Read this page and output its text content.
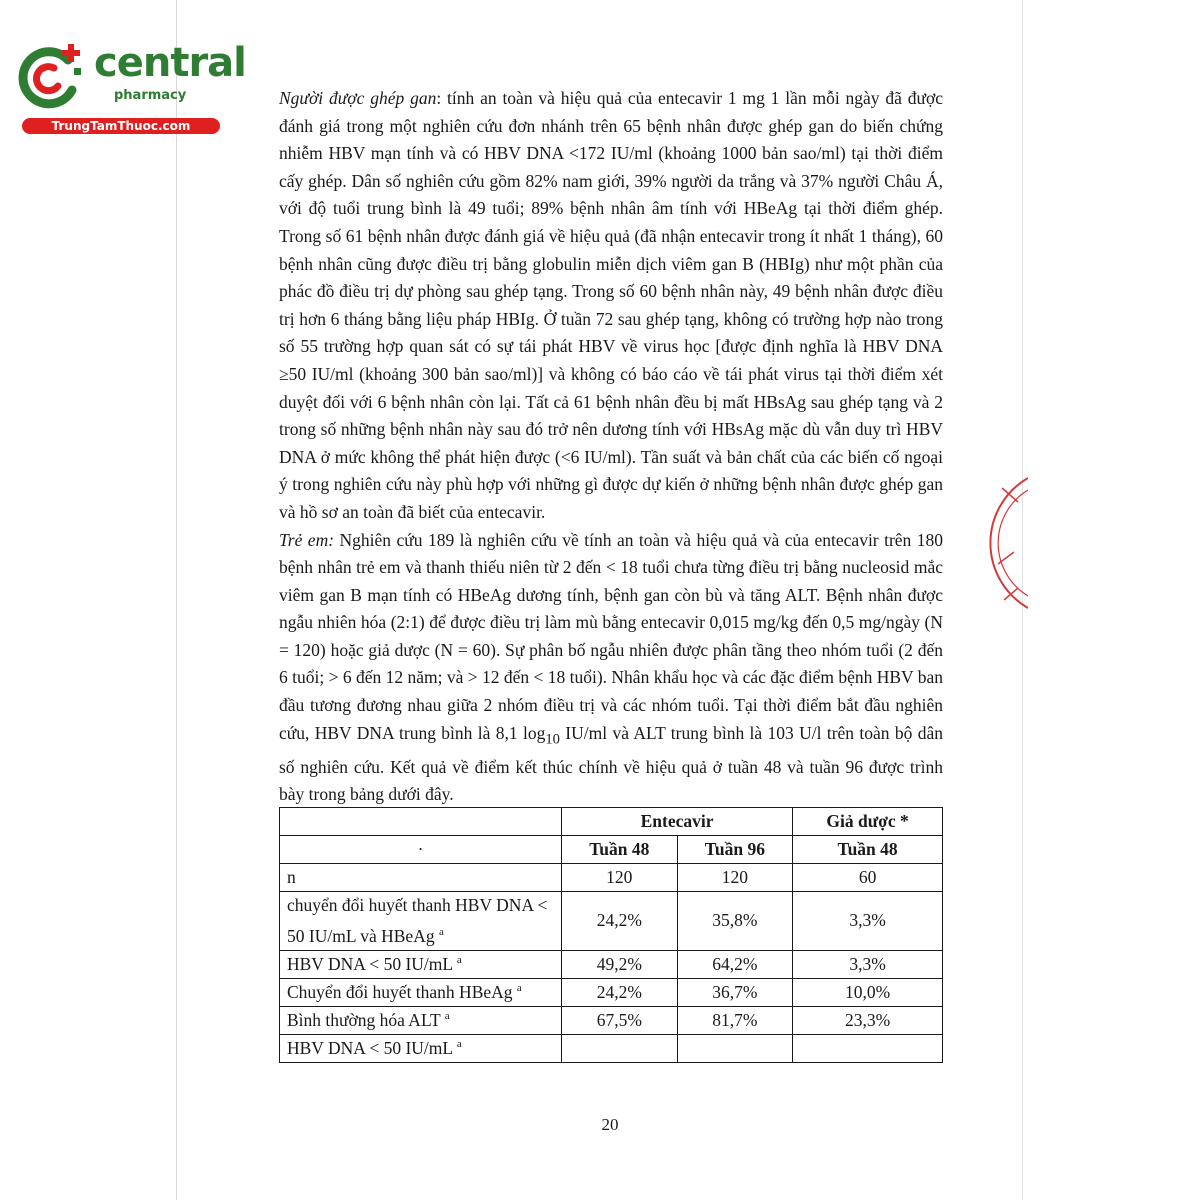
central
pharmacy
TrungTamThuoc.com

Người được ghép gan: tính an toàn và hiệu quả của entecavir 1 mg 1 lần mỗi ngày đã được đánh giá trong một nghiên cứu đơn nhánh trên 65 bệnh nhân được ghép gan do biến chứng nhiễm HBV mạn tính và có HBV DNA <172 IU/ml (khoảng 1000 bản sao/ml) tại thời điểm cấy ghép. Dân số nghiên cứu gồm 82% nam giới, 39% người da trắng và 37% người Châu Á, với độ tuổi trung bình là 49 tuổi; 89% bệnh nhân âm tính với HBeAg tại thời điểm ghép. Trong số 61 bệnh nhân được đánh giá về hiệu quả (đã nhận entecavir trong ít nhất 1 tháng), 60 bệnh nhân cũng được điều trị bằng globulin miễn dịch viêm gan B (HBIg) như một phần của phác đồ điều trị dự phòng sau ghép tạng. Trong số 60 bệnh nhân này, 49 bệnh nhân được điều trị hơn 6 tháng bằng liệu pháp HBIg. Ở tuần 72 sau ghép tạng, không có trường hợp nào trong số 55 trường hợp quan sát có sự tái phát HBV về virus học [được định nghĩa là HBV DNA ≥50 IU/ml (khoảng 300 bản sao/ml)] và không có báo cáo về tái phát virus tại thời điểm xét duyệt đối với 6 bệnh nhân còn lại. Tất cả 61 bệnh nhân đều bị mất HBsAg sau ghép tạng và 2 trong số những bệnh nhân này sau đó trở nên dương tính với HBsAg mặc dù vẫn duy trì HBV DNA ở mức không thể phát hiện được (<6 IU/ml). Tần suất và bản chất của các biến cố ngoại ý trong nghiên cứu này phù hợp với những gì được dự kiến ở những bệnh nhân được ghép gan và hồ sơ an toàn đã biết của entecavir.

Trẻ em: Nghiên cứu 189 là nghiên cứu về tính an toàn và hiệu quả và của entecavir trên 180 bệnh nhân trẻ em và thanh thiếu niên từ 2 đến < 18 tuổi chưa từng điều trị bằng nucleosid mắc viêm gan B mạn tính có HBeAg dương tính, bệnh gan còn bù và tăng ALT. Bệnh nhân được ngẫu nhiên hóa (2:1) để được điều trị làm mù bằng entecavir 0,015 mg/kg đến 0,5 mg/ngày (N = 120) hoặc giả dược (N = 60). Sự phân bố ngẫu nhiên được phân tầng theo nhóm tuổi (2 đến 6 tuổi; > 6 đến 12 năm; và > 12 đến < 18 tuổi). Nhân khẩu học và các đặc điểm bệnh HBV ban đầu tương đương nhau giữa 2 nhóm điều trị và các nhóm tuổi. Tại thời điểm bắt đầu nghiên cứu, HBV DNA trung bình là 8,1 $\log_{10} IU/ml$ và ALT trung bình là 103 U/l trên toàn bộ dân số nghiên cứu. Kết quả về điểm kết thúc chính về hiệu quả ở tuần 48 và tuần 96 được trình bày trong bảng dưới đây.

	Entecavir		Giả dược *
·	Tuần 48	Tuần 96	Tuần 48
n	120	120	60
chuyển đổi huyết thanh HBV DNA < 50 IU/mL và HBeAg $^a$	24,2%	35,8%	3,3%
HBV DNA < 50 IU/mL $^a$	49,2%	64,2%	3,3%
Chuyển đổi huyết thanh HBeAg $^a$	24,2%	36,7%	10,0%
Bình thường hóa ALT $^a$	67,5%	81,7%	23,3%
HBV DNA < 50 IU/mL $^a$			
20
